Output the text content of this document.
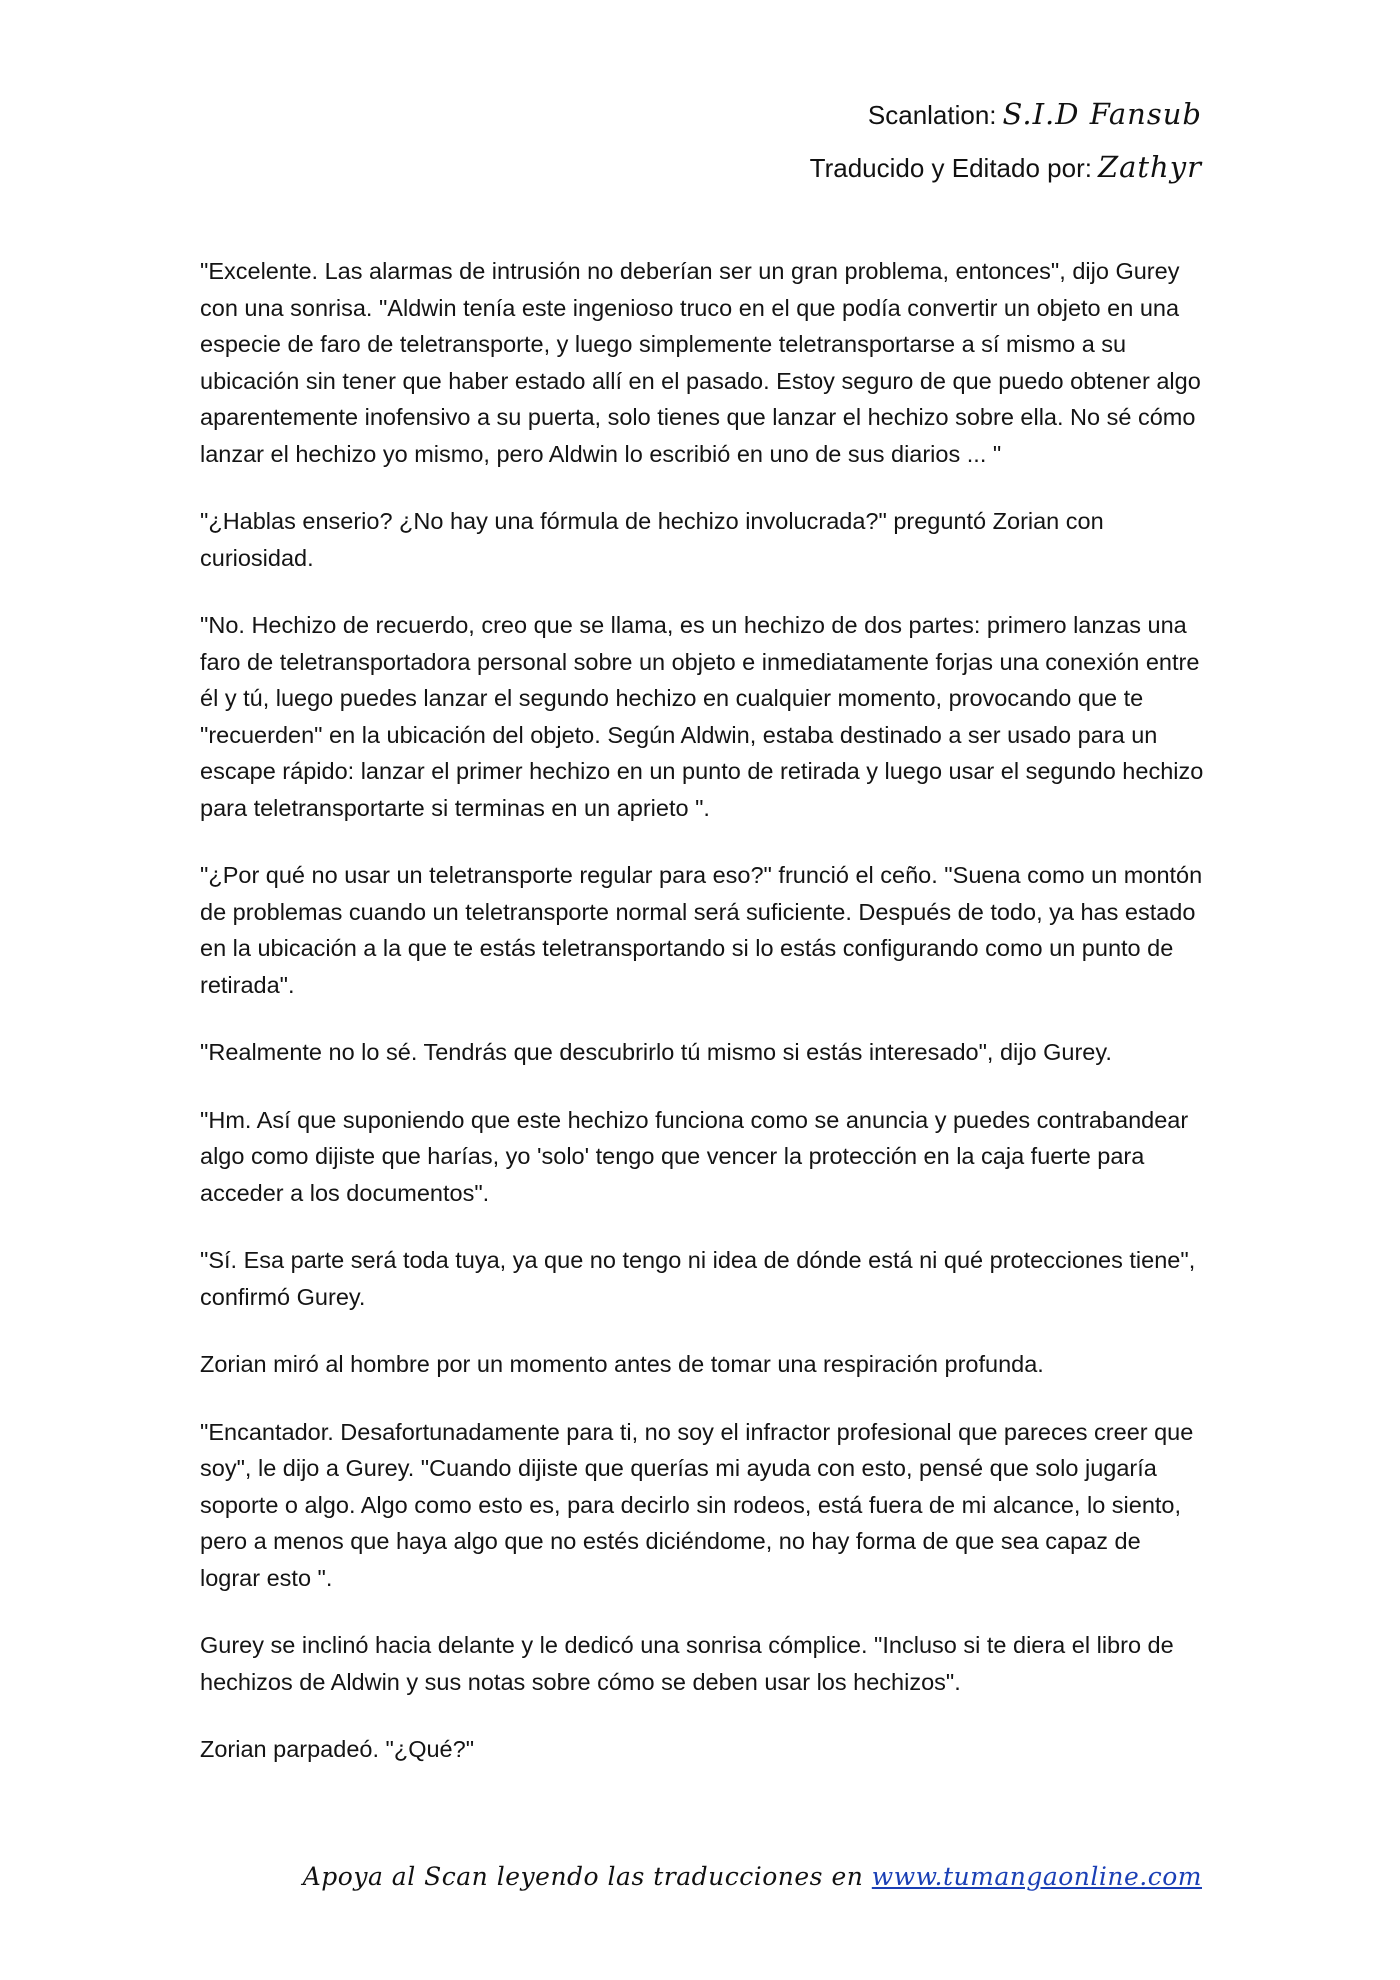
Scanlation: S.I.D Fansub
Traducido y Editado por: Zathyr

"Excelente. Las alarmas de intrusión no deberían ser un gran problema, entonces", dijo Gurey con una sonrisa. "Aldwin tenía este ingenioso truco en el que podía convertir un objeto en una especie de faro de teletransporte, y luego simplemente teletransportarse a sí mismo a su ubicación sin tener que haber estado allí en el pasado. Estoy seguro de que puedo obtener algo aparentemente inofensivo a su puerta, solo tienes que lanzar el hechizo sobre ella. No sé cómo lanzar el hechizo yo mismo, pero Aldwin lo escribió en uno de sus diarios ... "

"¿Hablas enserio? ¿No hay una fórmula de hechizo involucrada?" preguntó Zorian con curiosidad.

"No. Hechizo de recuerdo, creo que se llama, es un hechizo de dos partes: primero lanzas una faro de teletransportadora personal sobre un objeto e inmediatamente forjas una conexión entre él y tú, luego puedes lanzar el segundo hechizo en cualquier momento, provocando que te "recuerden" en la ubicación del objeto. Según Aldwin, estaba destinado a ser usado para un escape rápido: lanzar el primer hechizo en un punto de retirada y luego usar el segundo hechizo para teletransportarte si terminas en un aprieto ".

"¿Por qué no usar un teletransporte regular para eso?" frunció el ceño. "Suena como un montón de problemas cuando un teletransporte normal será suficiente. Después de todo, ya has estado en la ubicación a la que te estás teletransportando si lo estás configurando como un punto de retirada".

"Realmente no lo sé. Tendrás que descubrirlo tú mismo si estás interesado", dijo Gurey.

"Hm. Así que suponiendo que este hechizo funciona como se anuncia y puedes contrabandear algo como dijiste que harías, yo 'solo' tengo que vencer la protección en la caja fuerte para acceder a los documentos".

"Sí. Esa parte será toda tuya, ya que no tengo ni idea de dónde está ni qué protecciones tiene", confirmó Gurey.

Zorian miró al hombre por un momento antes de tomar una respiración profunda.

"Encantador. Desafortunadamente para ti, no soy el infractor profesional que pareces creer que soy", le dijo a Gurey. "Cuando dijiste que querías mi ayuda con esto, pensé que solo jugaría soporte o algo. Algo como esto es, para decirlo sin rodeos, está fuera de mi alcance, lo siento, pero a menos que haya algo que no estés diciéndome, no hay forma de que sea capaz de lograr esto ".

Gurey se inclinó hacia delante y le dedicó una sonrisa cómplice. "Incluso si te diera el libro de hechizos de Aldwin y sus notas sobre cómo se deben usar los hechizos".

Zorian parpadeó. "¿Qué?"

Apoya al Scan leyendo las traducciones en www.tumangaonline.com
